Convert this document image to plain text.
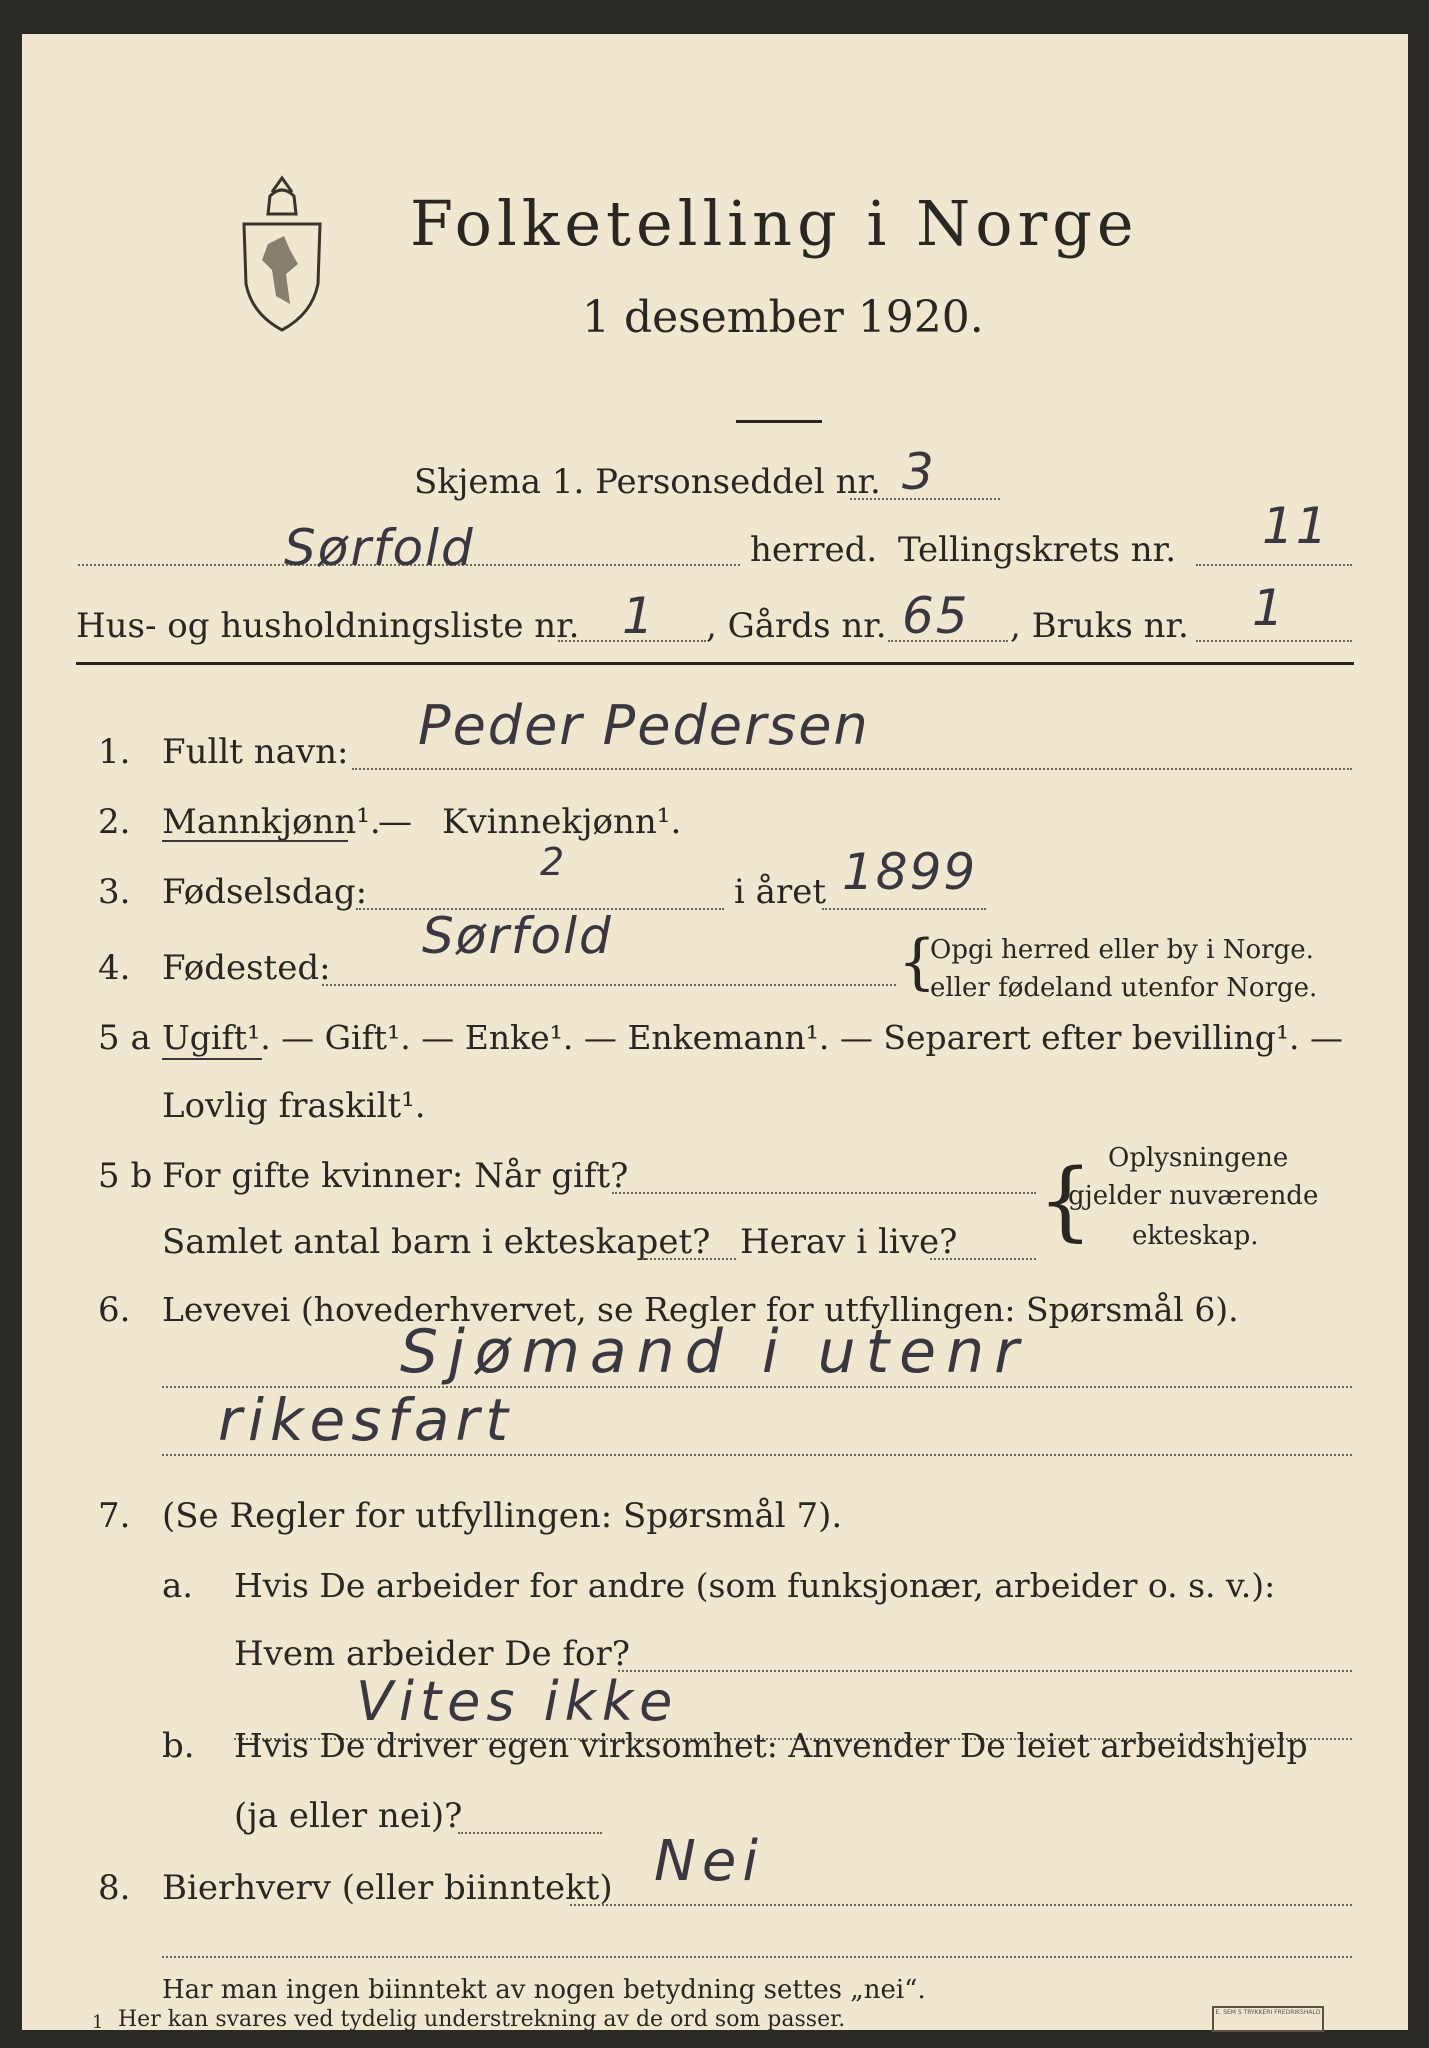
Folketelling i Norge
1 desember 1920.
Skjema 1. Personseddel nr. 3
Sørfold	herred. Tellingskrets nr. 11
Hus- og husholdningsliste nr. 1 , Gårds nr. 65 , Bruks nr. 1
1. Fullt navn: Peder Pedersen
2. Mannkjønn¹.
— Kvinnekjønn¹.
3. Fødselsdag:
2
i året 1899
4. Fødested:
Sørfold	{
Opgi herred eller by i Norge.
eller fødeland utenfor Norge.
5 a Ugift¹. — Gift¹. — Enke¹. — Enkemann¹. — Separert efter bevilling¹. —
Lovlig fraskilt¹.
5 b For gifte kvinner: Når gift?
Samlet antal barn i ekteskapet? Herav i live? { Oplysningene
gjelder nuværende
ekteskap.
6. Levevei (hovederhvervet, se Regler for utfyllingen: Spørsmål 6).
Sjømand i utenr
rikesfart
7. (Se Regler for utfyllingen: Spørsmål 7).
a. Hvis De arbeider for andre (som funksjonær, arbeider o. s. v.):
Hvem arbeider De for?
Vites ikke
b. Hvis De driver egen virksomhet: Anvender De leiet arbeidshjelp
(ja eller nei)?
8. Bierhverv (eller biinntekt) Nei
Har man ingen biinntekt av nogen betydning settes „nei“.
1 Her kan svares ved tydelig understrekning av de ord som passer.	E. SEM S TRYKKERI FREDRIKSHALD
